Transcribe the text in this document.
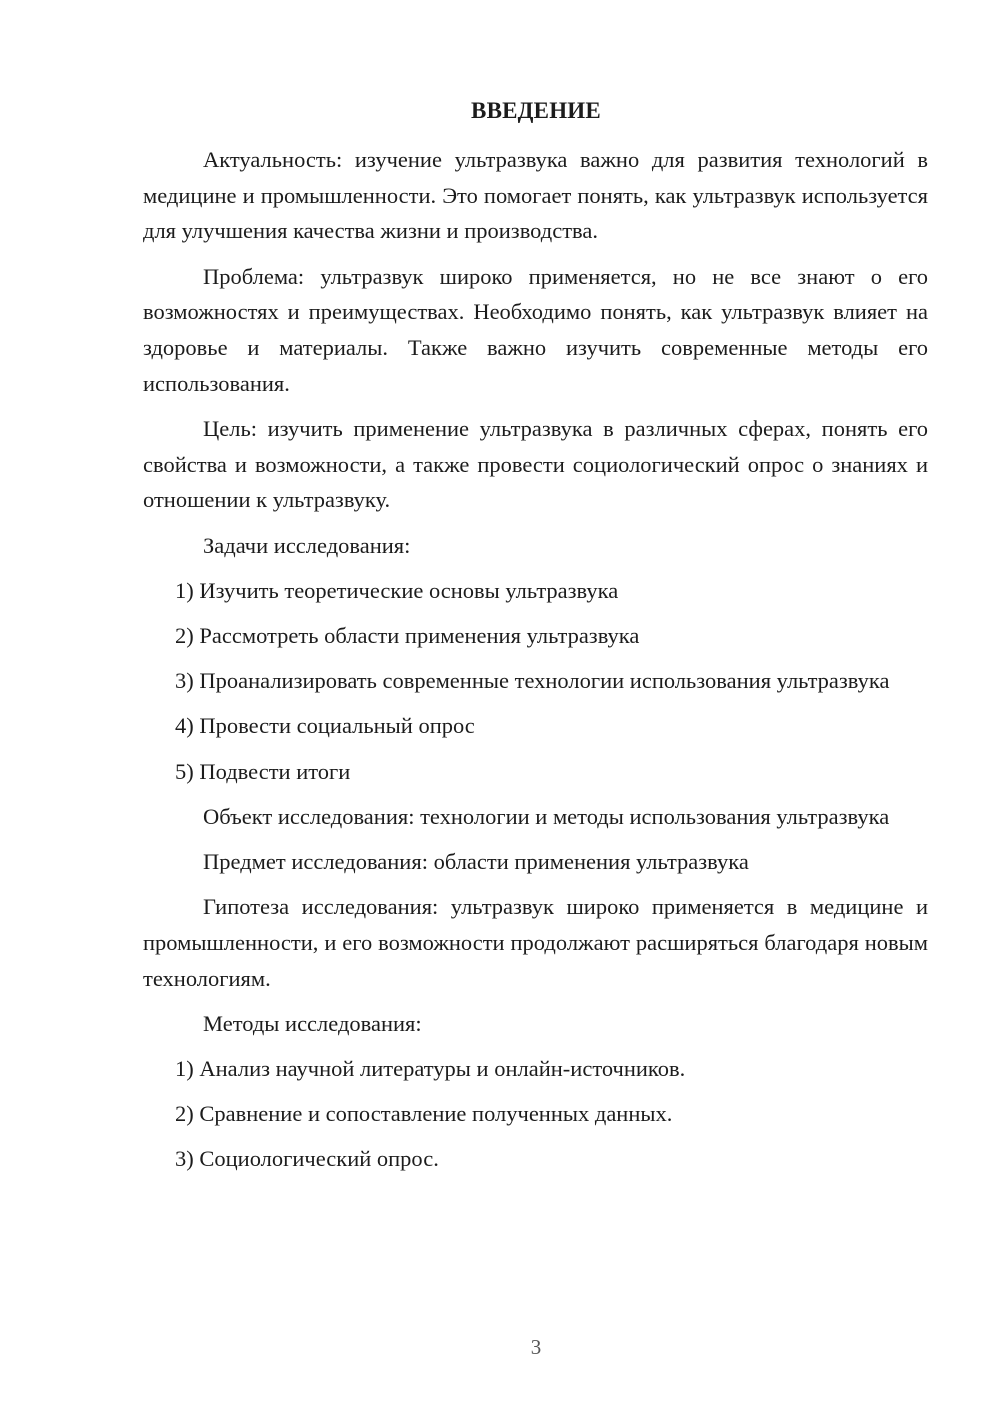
ВВЕДЕНИЕ

Актуальность: изучение ультразвука важно для развития технологий в медицине и промышленности. Это помогает понять, как ультразвук используется для улучшения качества жизни и производства.

Проблема: ультразвук широко применяется, но не все знают о его возможностях и преимуществах. Необходимо понять, как ультразвук влияет на здоровье и материалы. Также важно изучить современные методы его использования.

Цель: изучить применение ультразвука в различных сферах, понять его свойства и возможности, а также провести социологический опрос о знаниях и отношении к ультразвуку.

Задачи исследования:

1) Изучить теоретические основы ультразвука

2) Рассмотреть области применения ультразвука

3) Проанализировать современные технологии использования ультразвука

4) Провести социальный опрос

5) Подвести итоги

Объект исследования: технологии и методы использования ультразвука

Предмет исследования: области применения ультразвука

Гипотеза исследования: ультразвук широко применяется в медицине и промышленности, и его возможности продолжают расширяться благодаря новым технологиям.

Методы исследования:

1) Анализ научной литературы и онлайн-источников.

2) Сравнение и сопоставление полученных данных.

3) Социологический опрос.

3
